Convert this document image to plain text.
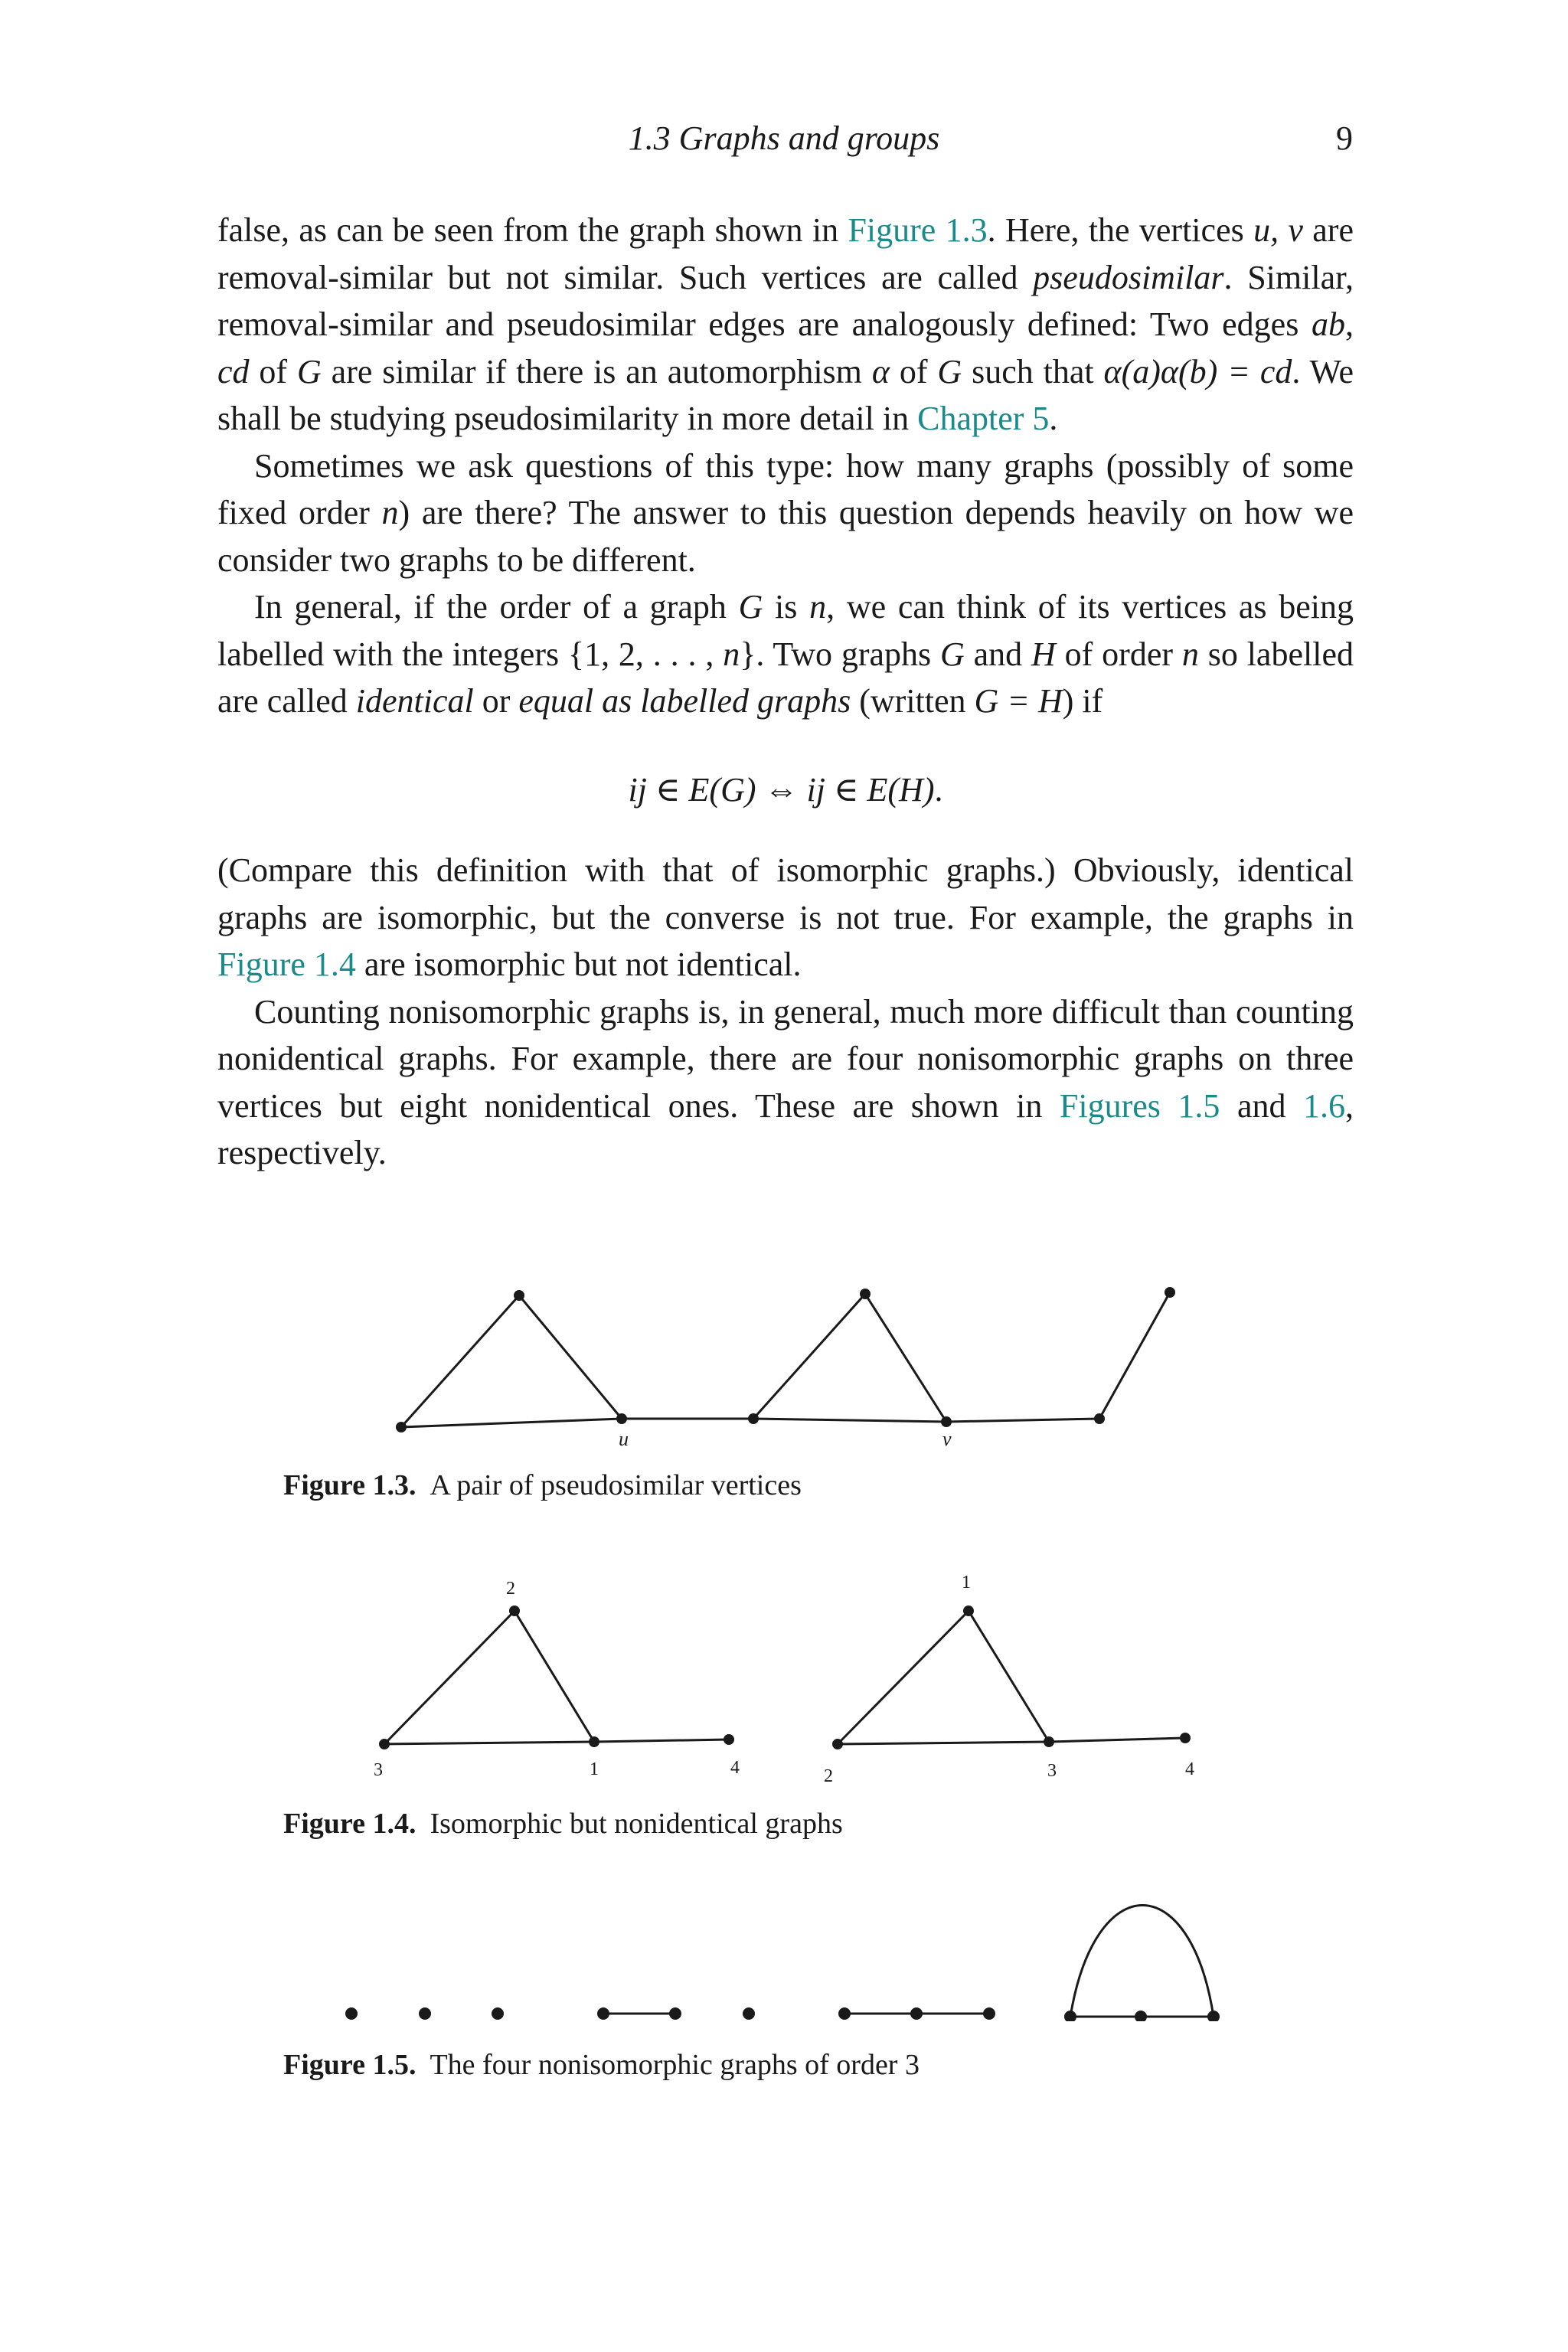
1.3 Graphs and groups	9

false, as can be seen from the graph shown in Figure 1.3. Here, the vertices u, v are removal-similar but not similar. Such vertices are called pseudosimilar. Similar, removal-similar and pseudosimilar edges are analogously defined: Two edges ab, cd of G are similar if there is an automorphism α of G such that α(a)α(b) = cd. We shall be studying pseudosimilarity in more detail in Chapter 5.

Sometimes we ask questions of this type: how many graphs (possibly of some fixed order n) are there? The answer to this question depends heavily on how we consider two graphs to be different.

In general, if the order of a graph G is n, we can think of its vertices as being labelled with the integers {1, 2, . . . , n}. Two graphs G and H of order n so labelled are called identical or equal as labelled graphs (written G = H) if

ij ∈ E(G) ⇔ ij ∈ E(H).

(Compare this definition with that of isomorphic graphs.) Obviously, identical graphs are isomorphic, but the converse is not true. For example, the graphs in Figure 1.4 are isomorphic but not identical.

Counting nonisomorphic graphs is, in general, much more difficult than counting nonidentical graphs. For example, there are four nonisomorphic graphs on three vertices but eight nonidentical ones. These are shown in Figures 1.5 and 1.6, respectively.

u	v
Figure 1.3. A pair of pseudosimilar vertices
2
3	1	4
1
2	3	4
Figure 1.4. Isomorphic but nonidentical graphs
Figure 1.5. The four nonisomorphic graphs of order 3
